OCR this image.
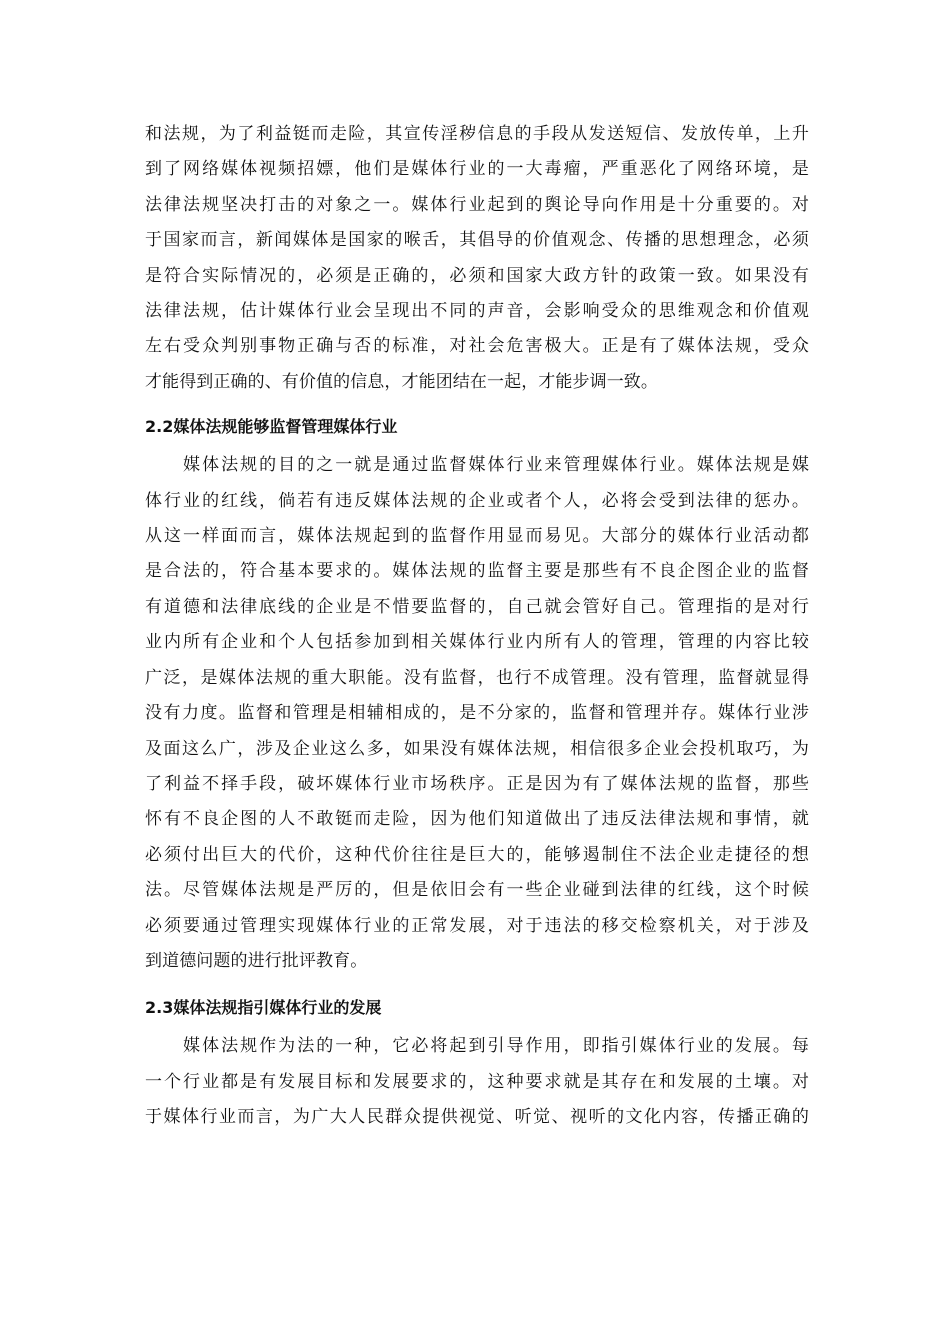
和法规，为了利益铤而走险，其宣传淫秽信息的手段从发送短信、发放传单，上升
到了网络媒体视频招嫖，他们是媒体行业的一大毒瘤，严重恶化了网络环境，是
法律法规坚决打击的对象之一。媒体行业起到的舆论导向作用是十分重要的。对
于国家而言，新闻媒体是国家的喉舌，其倡导的价值观念、传播的思想理念，必须
是符合实际情况的，必须是正确的，必须和国家大政方针的政策一致。如果没有
法律法规，估计媒体行业会呈现出不同的声音，会影响受众的思维观念和价值观
左右受众判别事物正确与否的标准，对社会危害极大。正是有了媒体法规，受众
才能得到正确的、有价值的信息，才能团结在一起，才能步调一致。
2.2媒体法规能够监督管理媒体行业
　　媒体法规的目的之一就是通过监督媒体行业来管理媒体行业。媒体法规是媒
体行业的红线，倘若有违反媒体法规的企业或者个人，必将会受到法律的惩办。
从这一样面而言，媒体法规起到的监督作用显而易见。大部分的媒体行业活动都
是合法的，符合基本要求的。媒体法规的监督主要是那些有不良企图企业的监督
有道德和法律底线的企业是不惜要监督的，自己就会管好自己。管理指的是对行
业内所有企业和个人包括参加到相关媒体行业内所有人的管理，管理的内容比较
广泛，是媒体法规的重大职能。没有监督，也行不成管理。没有管理，监督就显得
没有力度。监督和管理是相辅相成的，是不分家的，监督和管理并存。媒体行业涉
及面这么广，涉及企业这么多，如果没有媒体法规，相信很多企业会投机取巧，为
了利益不择手段，破坏媒体行业市场秩序。正是因为有了媒体法规的监督，那些
怀有不良企图的人不敢铤而走险，因为他们知道做出了违反法律法规和事情，就
必须付出巨大的代价，这种代价往往是巨大的，能够遏制住不法企业走捷径的想
法。尽管媒体法规是严厉的，但是依旧会有一些企业碰到法律的红线，这个时候
必须要通过管理实现媒体行业的正常发展，对于违法的移交检察机关，对于涉及
到道德问题的进行批评教育。
2.3媒体法规指引媒体行业的发展
　　媒体法规作为法的一种，它必将起到引导作用，即指引媒体行业的发展。每
一个行业都是有发展目标和发展要求的，这种要求就是其存在和发展的土壤。对
于媒体行业而言，为广大人民群众提供视觉、听觉、视听的文化内容，传播正确的
